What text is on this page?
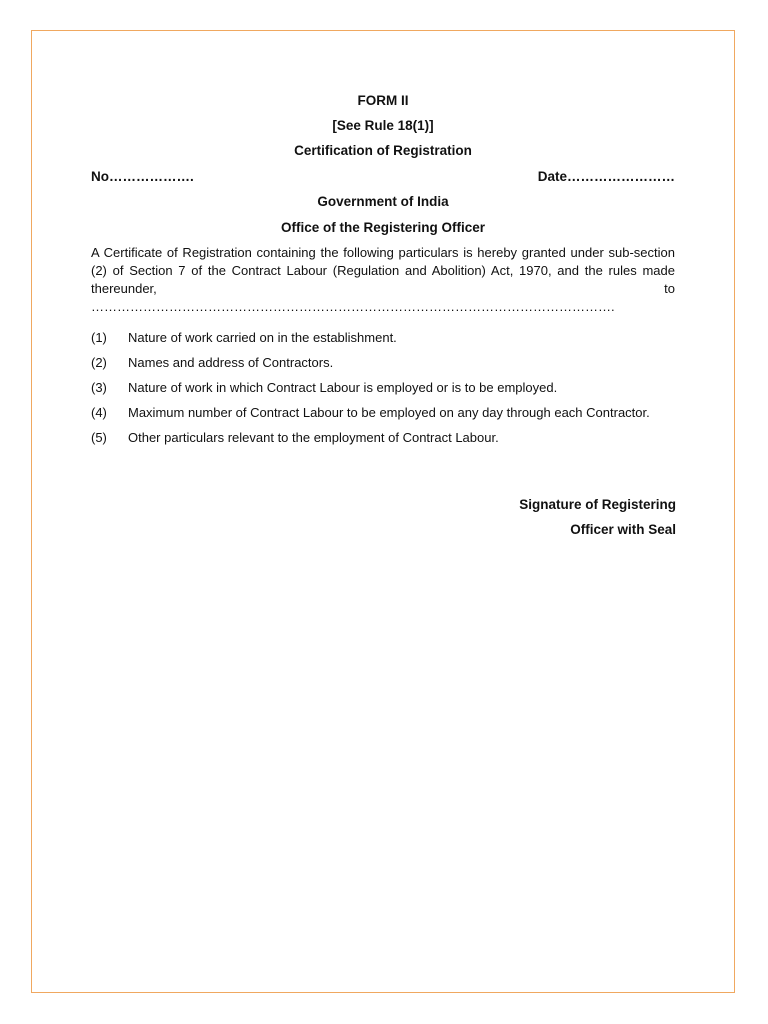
FORM II

[See Rule 18(1)]

Certification of Registration

No……………….	Date……………………

Government of India

Office of the Registering Officer

A Certificate of Registration containing the following particulars is hereby granted under sub-section (2) of Section 7 of the Contract Labour (Regulation and Abolition) Act, 1970, and the rules made thereunder, to ………………………………………………………………………………………………………….

(1)	Nature of work carried on in the establishment.
(2)	Names and address of Contractors.
(3)	Nature of work in which Contract Labour is employed or is to be employed.
(4)	Maximum number of Contract Labour to be employed on any day through each Contractor.
(5)	Other particulars relevant to the employment of Contract Labour.
Signature of Registering
Officer with Seal
